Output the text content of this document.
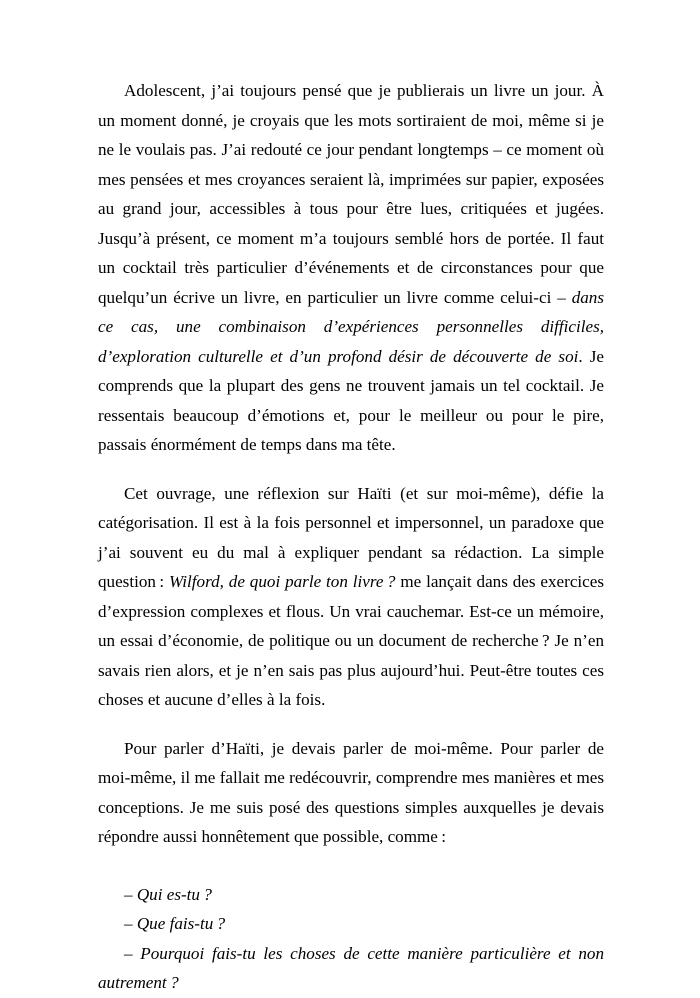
Adolescent, j’ai toujours pensé que je publierais un livre un jour. À un moment donné, je croyais que les mots sortiraient de moi, même si je ne le voulais pas. J’ai redouté ce jour pendant longtemps – ce moment où mes pensées et mes croyances seraient là, imprimées sur papier, exposées au grand jour, accessibles à tous pour être lues, critiquées et jugées. Jusqu’à présent, ce moment m’a toujours semblé hors de portée. Il faut un cocktail très particulier d’événements et de circonstances pour que quelqu’un écrive un livre, en particulier un livre comme celui-ci – dans ce cas, une combinaison d’expériences personnelles difficiles, d’exploration culturelle et d’un profond désir de découverte de soi. Je comprends que la plupart des gens ne trouvent jamais un tel cocktail. Je ressentais beaucoup d’émotions et, pour le meilleur ou pour le pire, passais énormément de temps dans ma tête.

Cet ouvrage, une réflexion sur Haïti (et sur moi-même), défie la catégorisation. Il est à la fois personnel et impersonnel, un paradoxe que j’ai souvent eu du mal à expliquer pendant sa rédaction. La simple question : Wilford, de quoi parle ton livre ? me lançait dans des exercices d’expression complexes et flous. Un vrai cauchemar. Est-ce un mémoire, un essai d’économie, de politique ou un document de recherche ? Je n’en savais rien alors, et je n’en sais pas plus aujourd’hui. Peut-être toutes ces choses et aucune d’elles à la fois.

Pour parler d’Haïti, je devais parler de moi-même. Pour parler de moi-même, il me fallait me redécouvrir, comprendre mes manières et mes conceptions. Je me suis posé des questions simples auxquelles je devais répondre aussi honnêtement que possible, comme :

– Qui es-tu ?

– Que fais-tu ?

– Pourquoi fais-tu les choses de cette manière particulière et non autrement ?
